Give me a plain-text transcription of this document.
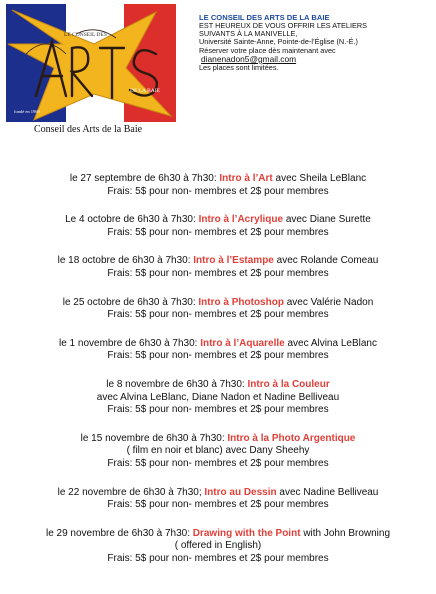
LE CONSEIL DES
DE LA BAIE
fondé en 1969
Conseil des Arts de la Baie
LE CONSEIL DES ARTS DE LA BAIE
EST HEUREUX DE VOUS OFFRIR LES ATELIERS
SUIVANTS À LA MANIVELLE,
Université Sainte-Anne, Pointe-de-l’Église (N.-É.)
Réserver votre place dès maintenant avec
dianenadon5@gmail.com
Les places sont limitées.
le 27 septembre de 6h30 à 7h30: Intro à l’Art avec Sheila LeBlanc
Frais: 5$ pour non- membres et 2$ pour membres
Le 4 octobre de 6h30 à 7h30: Intro à l’Acrylique avec Diane Surette
Frais: 5$ pour non- membres et 2$ pour membres
le 18 octobre de 6h30 à 7h30: Intro à l’Estampe avec Rolande Comeau
Frais: 5$ pour non- membres et 2$ pour membres
le 25 octobre de 6h30 à 7h30: Intro à Photoshop avec Valérie Nadon
Frais: 5$ pour non- membres et 2$ pour membres
le 1 novembre de 6h30 à 7h30: Intro à l’Aquarelle avec Alvina LeBlanc
Frais: 5$ pour non- membres et 2$ pour membres
le 8 novembre de 6h30 à 7h30: Intro à la Couleur
avec Alvina LeBlanc, Diane Nadon et Nadine Belliveau
Frais: 5$ pour non- membres et 2$ pour membres
le 15 novembre de 6h30 à 7h30: Intro à la Photo Argentique
( film en noir et blanc) avec Dany Sheehy
Frais: 5$ pour non- membres et 2$ pour membres
le 22 novembre de 6h30 à 7h30; Intro au Dessin avec Nadine Belliveau
Frais: 5$ pour non- membres et 2$ pour membres
le 29 novembre de 6h30 à 7h30: Drawing with the Point with John Browning
( offered in English)
Frais: 5$ pour non- membres et 2$ pour membres
